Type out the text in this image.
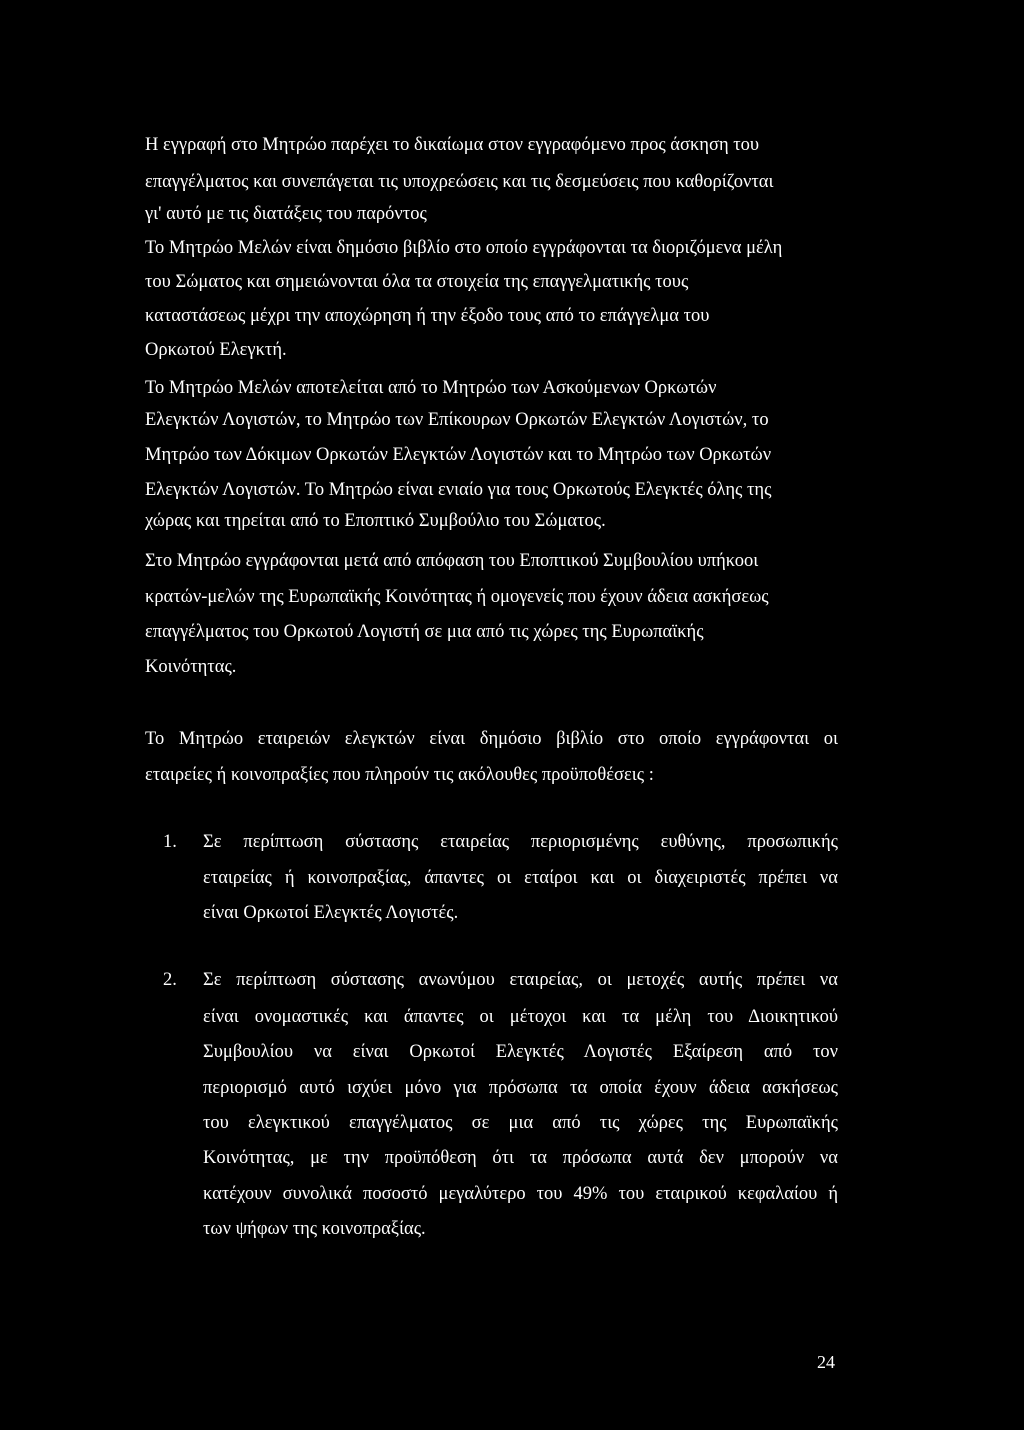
Η εγγραφή στο Μητρώο παρέχει το δικαίωμα στον εγγραφόμενο προς άσκηση του
επαγγέλματος και συνεπάγεται τις υποχρεώσεις και τις δεσμεύσεις που καθορίζονται
γι' αυτό με τις διατάξεις του παρόντος
Το Μητρώο Μελών είναι δημόσιο βιβλίο στο οποίο εγγράφονται τα διοριζόμενα μέλη
του Σώματος και σημειώνονται όλα τα στοιχεία της επαγγελματικής τους
καταστάσεως μέχρι την αποχώρηση ή την έξοδο τους από το επάγγελμα του
Ορκωτού Ελεγκτή.
Το Μητρώο Μελών αποτελείται από το Μητρώο των Ασκούμενων Ορκωτών
Ελεγκτών Λογιστών, το Μητρώο των Επίκουρων Ορκωτών Ελεγκτών Λογιστών, το
Μητρώο των Δόκιμων Ορκωτών Ελεγκτών Λογιστών και το Μητρώο των Ορκωτών
Ελεγκτών Λογιστών. Το Μητρώο είναι ενιαίο για τους Ορκωτούς Ελεγκτές όλης της
χώρας και τηρείται από το Εποπτικό Συμβούλιο του Σώματος.
Στο Μητρώο εγγράφονται μετά από απόφαση του Εποπτικού Συμβουλίου υπήκοοι
κρατών-μελών της Ευρωπαϊκής Κοινότητας ή ομογενείς που έχουν άδεια ασκήσεως
επαγγέλματος του Ορκωτού Λογιστή σε μια από τις χώρες της Ευρωπαϊκής
Κοινότητας.
Το Μητρώο εταιρειών ελεγκτών είναι δημόσιο βιβλίο στο οποίο εγγράφονται οι
εταιρείες ή κοινοπραξίες που πληρούν τις ακόλουθες προϋποθέσεις :
1. Σε περίπτωση σύστασης εταιρείας περιορισμένης ευθύνης, προσωπικής
εταιρείας ή κοινοπραξίας, άπαντες οι εταίροι και οι διαχειριστές πρέπει να
είναι Ορκωτοί Ελεγκτές Λογιστές.
2. Σε περίπτωση σύστασης ανωνύμου εταιρείας, οι μετοχές αυτής πρέπει να
είναι ονομαστικές και άπαντες οι μέτοχοι και τα μέλη του Διοικητικού
Συμβουλίου να είναι Ορκωτοί Ελεγκτές Λογιστές Εξαίρεση από τον
περιορισμό αυτό ισχύει μόνο για πρόσωπα τα οποία έχουν άδεια ασκήσεως
του ελεγκτικού επαγγέλματος σε μια από τις χώρες της Ευρωπαϊκής
Κοινότητας, με την προϋπόθεση ότι τα πρόσωπα αυτά δεν μπορούν να
κατέχουν συνολικά ποσοστό μεγαλύτερο του 49% του εταιρικού κεφαλαίου ή
των ψήφων της κοινοπραξίας.
24
